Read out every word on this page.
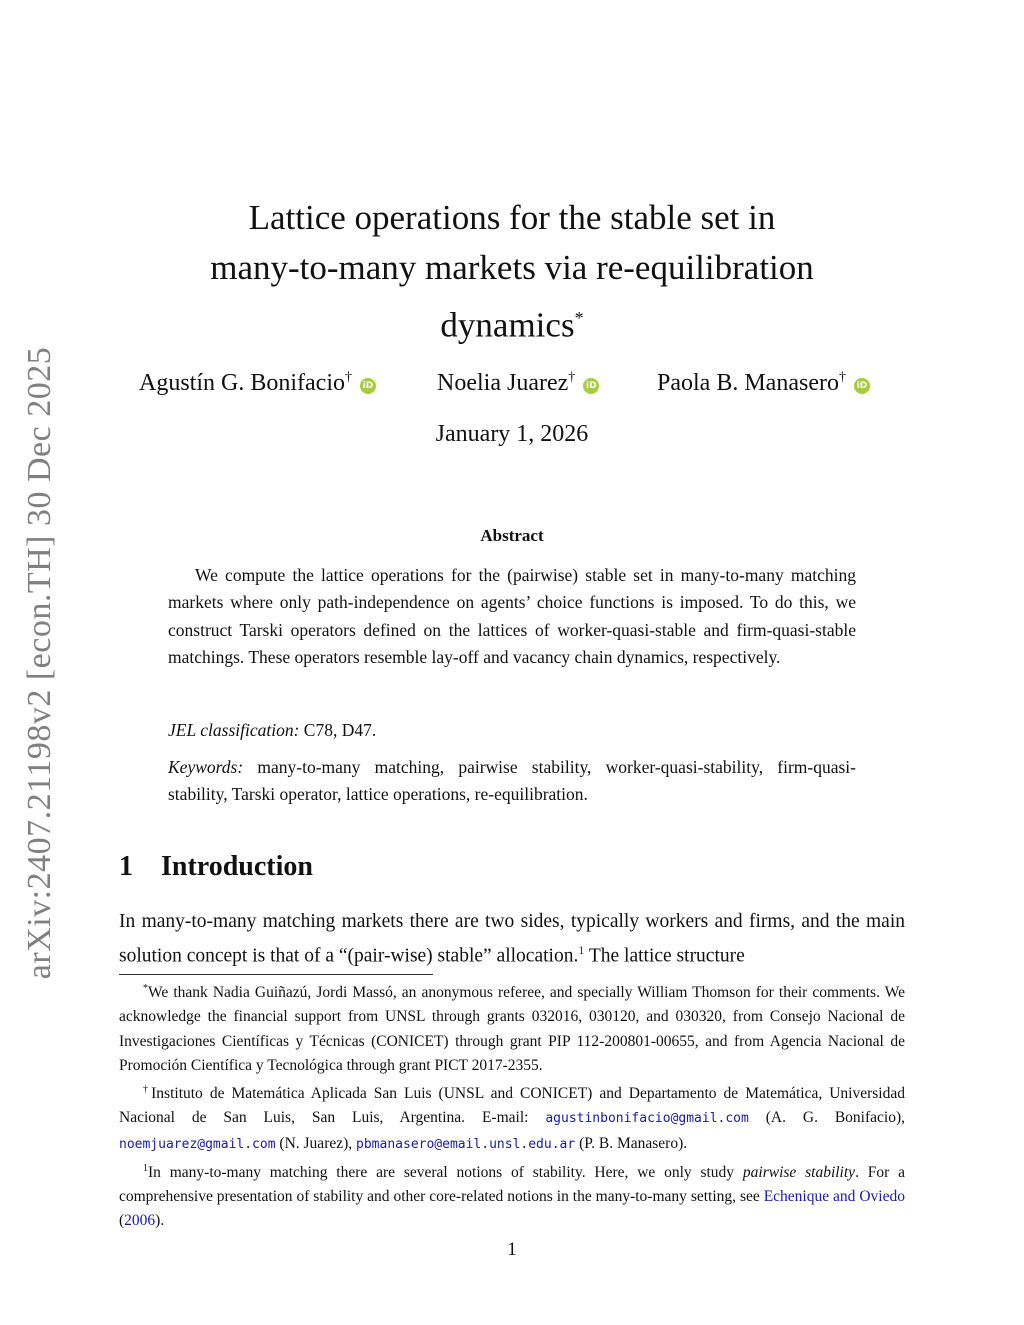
arXiv:2407.21198v2 [econ.TH] 30 Dec 2025
Lattice operations for the stable set in
many-to-many markets via re-equilibration
dynamics*
Agustín G. Bonifacio†iD	Noelia Juarez†iD	Paola B. Manasero†iD
January 1, 2026
Abstract

We compute the lattice operations for the (pairwise) stable set in many-to-many matching markets where only path-independence on agents’ choice functions is imposed. To do this, we construct Tarski operators defined on the lattices of worker-quasi-stable and firm-quasi-stable matchings. These operators resemble lay-off and vacancy chain dynamics, respectively.

JEL classification: C78, D47.
Keywords: many-to-many matching, pairwise stability, worker-quasi-stability, firm-quasi-stability, Tarski operator, lattice operations, re-equilibration.
1 Introduction
In many-to-many matching markets there are two sides, typically workers and firms, and the main solution concept is that of a “(pair-wise) stable” allocation.$^1$ The lattice structure

*We thank Nadia Guiñazú, Jordi Massó, an anonymous referee, and specially William Thomson for their comments. We acknowledge the financial support from UNSL through grants 032016, 030120, and 030320, from Consejo Nacional de Investigaciones Científicas y Técnicas (CONICET) through grant PIP 112-200801-00655, and from Agencia Nacional de Promoción Científica y Tecnológica through grant PICT 2017-2355.

†Instituto de Matemática Aplicada San Luis (UNSL and CONICET) and Departamento de Matemática, Universidad Nacional de San Luis, San Luis, Argentina. E-mail: agustinbonifacio@gmail.com (A. G. Bonifacio), noemjuarez@gmail.com (N. Juarez), pbmanasero@email.unsl.edu.ar (P. B. Manasero).

$^1$In many-to-many matching there are several notions of stability. Here, we only study pairwise stability. For a comprehensive presentation of stability and other core-related notions in the many-to-many setting, see Echenique and Oviedo (2006).

1
